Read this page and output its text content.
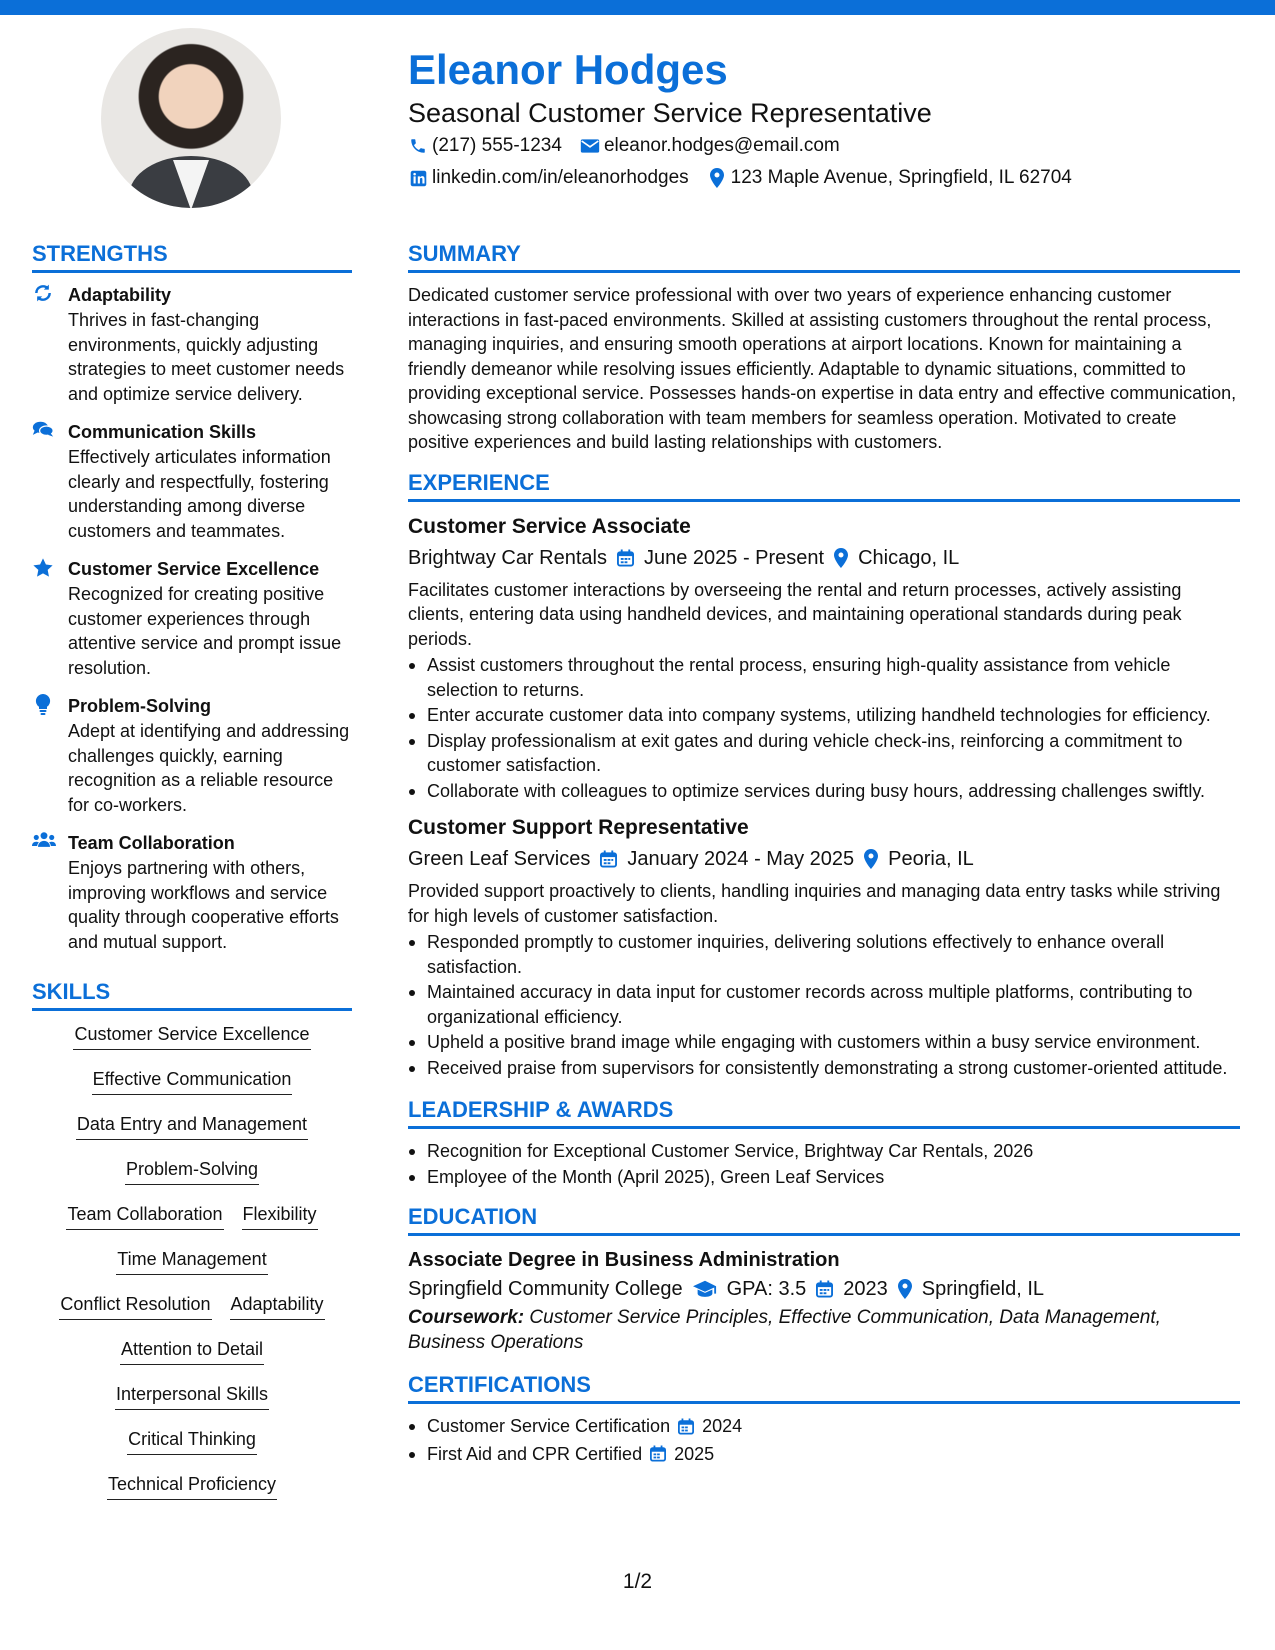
Eleanor Hodges
Seasonal Customer Service Representative
(217) 555-1234 eleanor.hodges@email.com
linkedin.com/in/eleanorhodges 123 Maple Avenue, Springfield, IL 62704
STRENGTHS
Adaptability
Thrives in fast-changing environments, quickly adjusting strategies to meet customer needs and optimize service delivery.
Communication Skills
Effectively articulates information clearly and respectfully, fostering understanding among diverse customers and teammates.
Customer Service Excellence
Recognized for creating positive customer experiences through attentive service and prompt issue resolution.
Problem-Solving
Adept at identifying and addressing challenges quickly, earning recognition as a reliable resource for co-workers.
Team Collaboration
Enjoys partnering with others, improving workflows and service quality through cooperative efforts and mutual support.
SKILLS
Customer Service Excellence
Effective Communication
Data Entry and Management
Problem-Solving
Team Collaboration Flexibility
Time Management
Conflict Resolution Adaptability
Attention to Detail
Interpersonal Skills
Critical Thinking
Technical Proficiency
SUMMARY
Dedicated customer service professional with over two years of experience enhancing customer interactions in fast-paced environments. Skilled at assisting customers throughout the rental process, managing inquiries, and ensuring smooth operations at airport locations. Known for maintaining a friendly demeanor while resolving issues efficiently. Adaptable to dynamic situations, committed to providing exceptional service. Possesses hands-on expertise in data entry and effective communication, showcasing strong collaboration with team members for seamless operation. Motivated to create positive experiences and build lasting relationships with customers.
EXPERIENCE
Customer Service Associate
Brightway Car Rentals June 2025 - Present Chicago, IL
Facilitates customer interactions by overseeing the rental and return processes, actively assisting clients, entering data using handheld devices, and maintaining operational standards during peak periods.
Assist customers throughout the rental process, ensuring high-quality assistance from vehicle selection to returns.
Enter accurate customer data into company systems, utilizing handheld technologies for efficiency.
Display professionalism at exit gates and during vehicle check-ins, reinforcing a commitment to customer satisfaction.
Collaborate with colleagues to optimize services during busy hours, addressing challenges swiftly.
Customer Support Representative
Green Leaf Services January 2024 - May 2025 Peoria, IL
Provided support proactively to clients, handling inquiries and managing data entry tasks while striving for high levels of customer satisfaction.
Responded promptly to customer inquiries, delivering solutions effectively to enhance overall satisfaction.
Maintained accuracy in data input for customer records across multiple platforms, contributing to organizational efficiency.
Upheld a positive brand image while engaging with customers within a busy service environment.
Received praise from supervisors for consistently demonstrating a strong customer-oriented attitude.
LEADERSHIP & AWARDS
Recognition for Exceptional Customer Service, Brightway Car Rentals, 2026
Employee of the Month (April 2025), Green Leaf Services
EDUCATION
Associate Degree in Business Administration
Springfield Community College GPA: 3.5 2023 Springfield, IL
Coursework: Customer Service Principles, Effective Communication, Data Management, Business Operations
CERTIFICATIONS
Customer Service Certification 2024
First Aid and CPR Certified 2025
1/2
